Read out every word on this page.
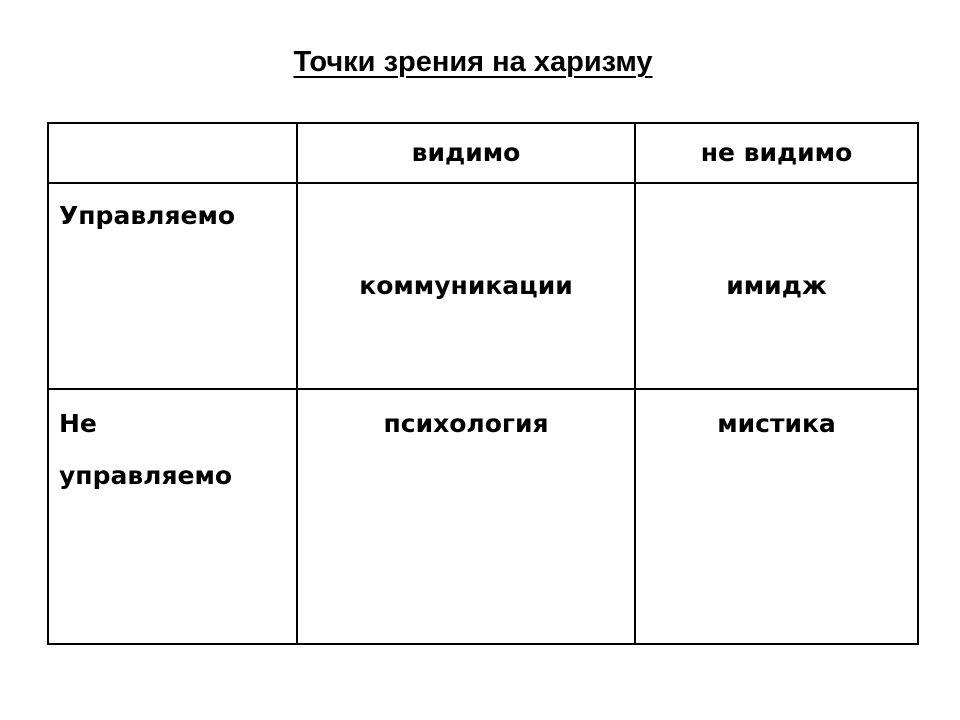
Точки зрения на харизму
	видимо	не видимо
Управляемо	коммуникации	имидж

Не
управляемо	психология	мистика
